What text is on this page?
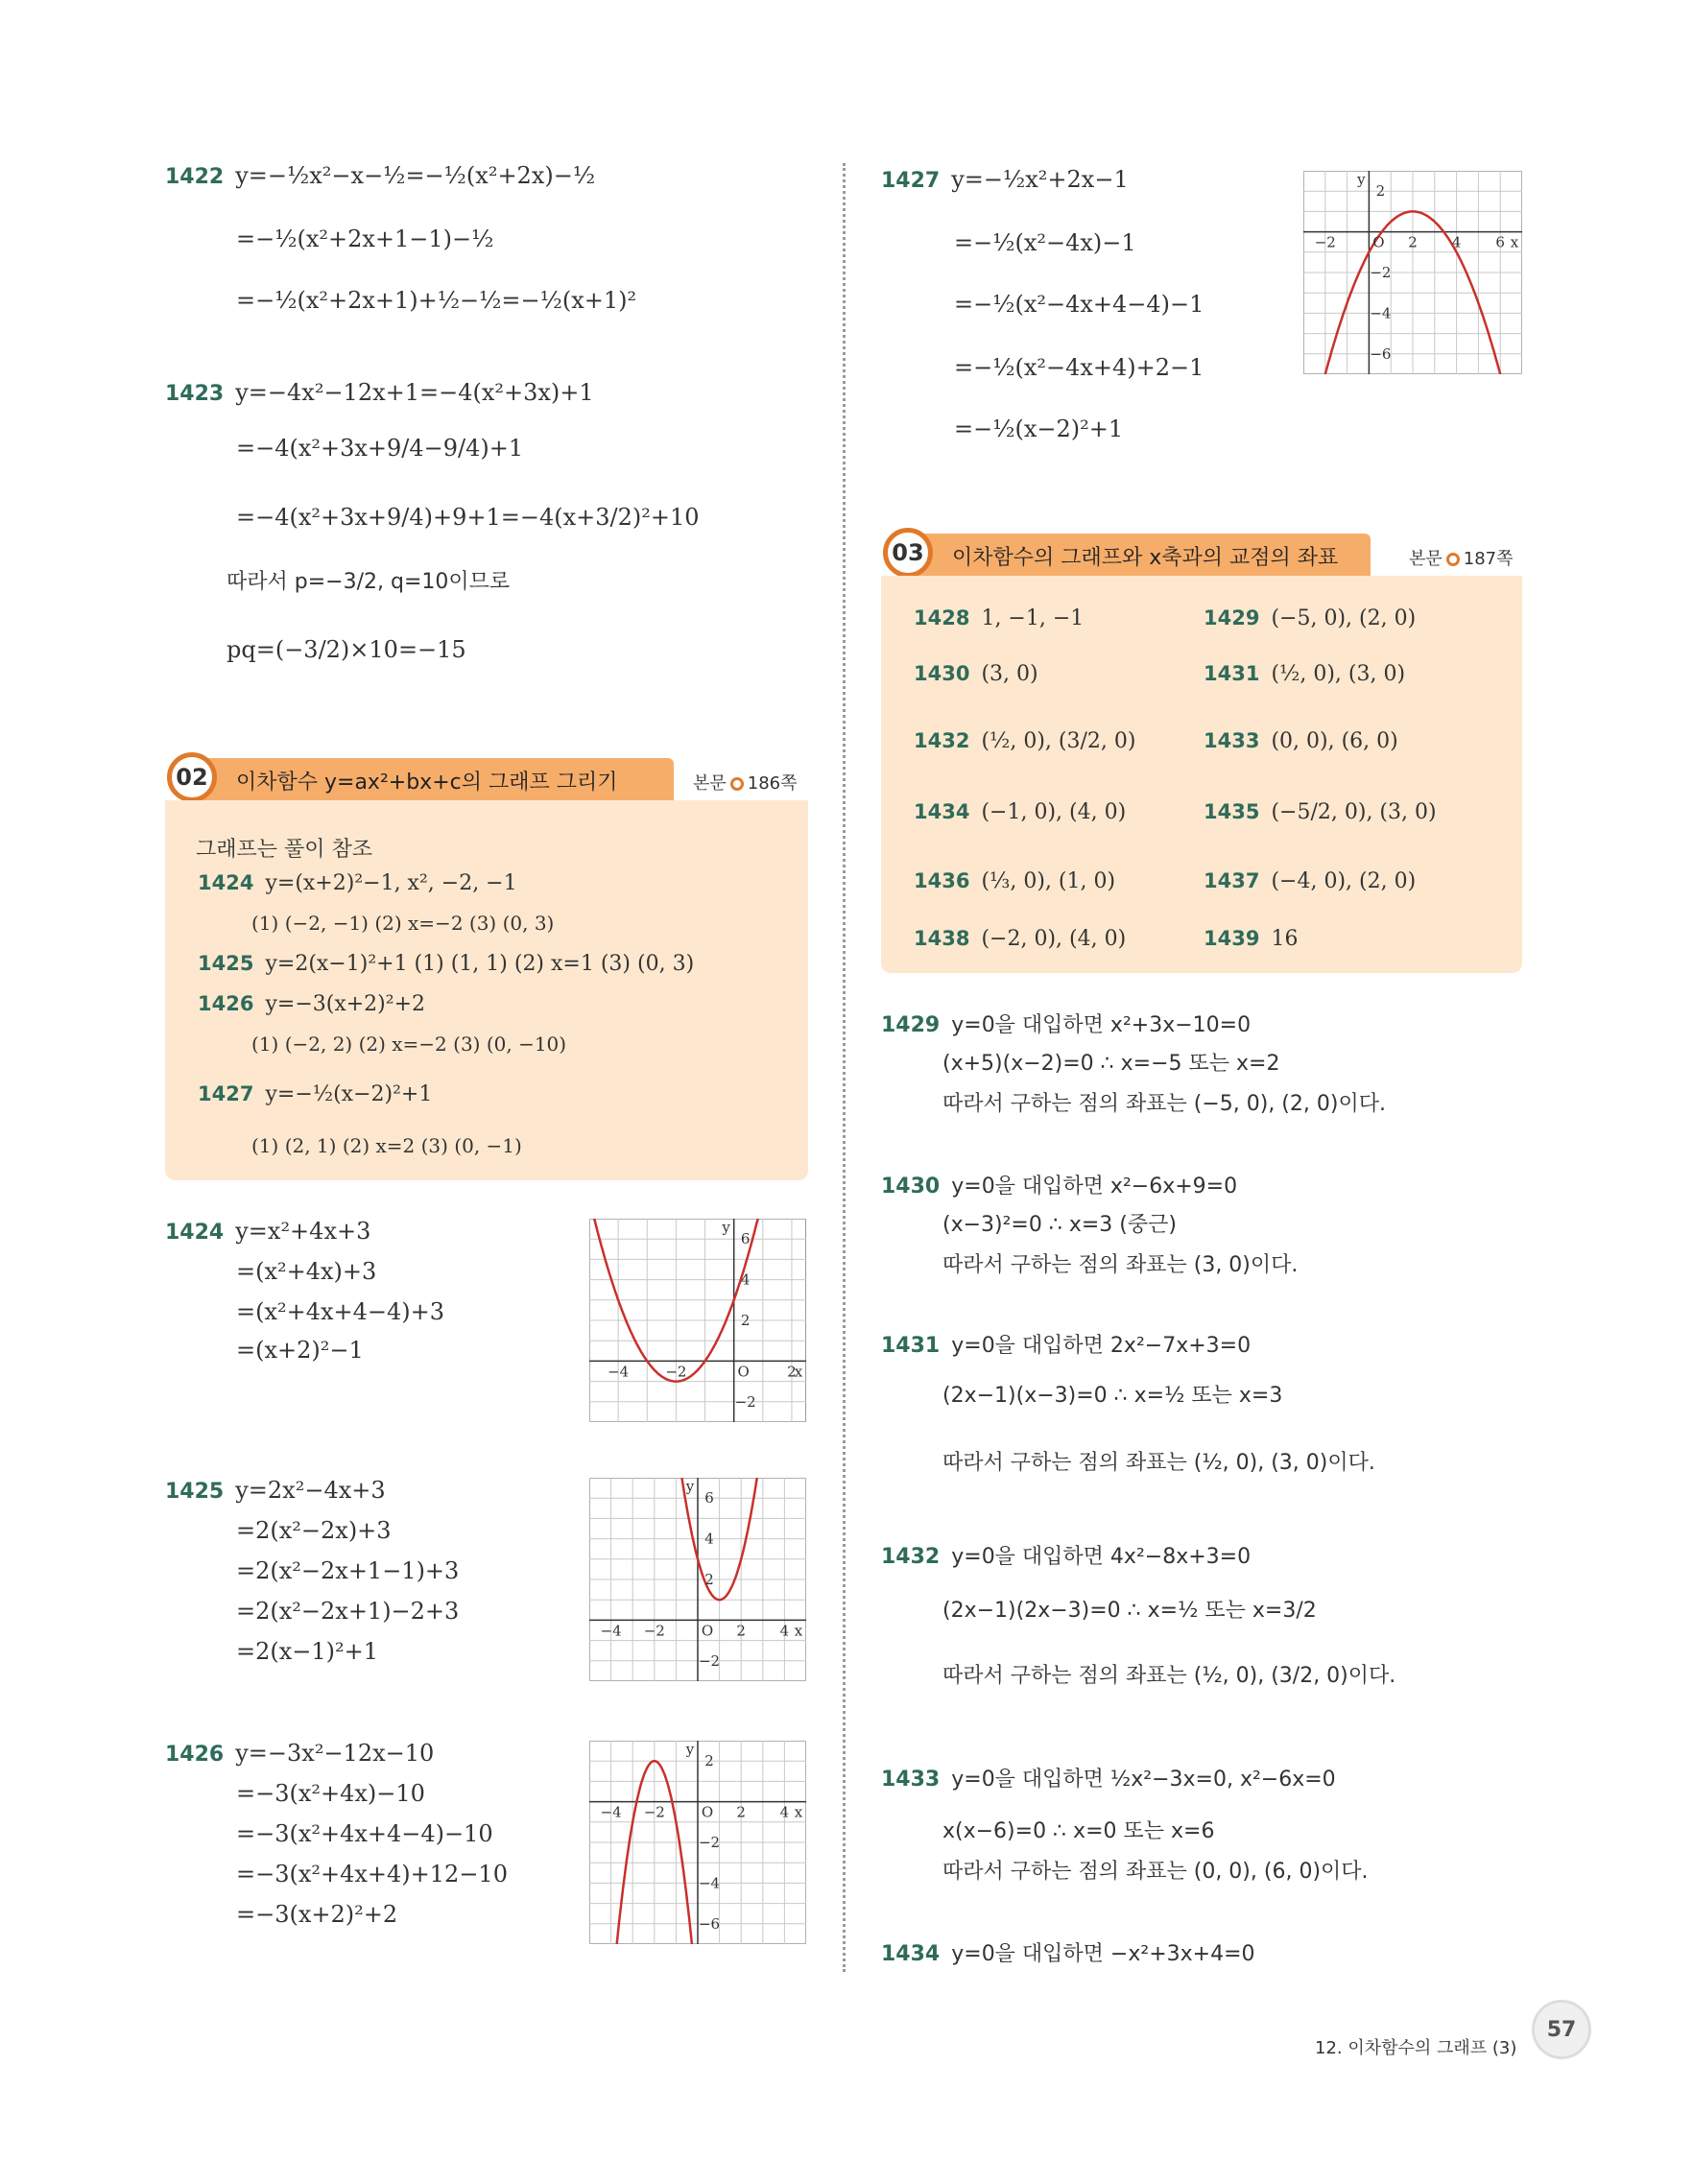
1422 y=−½x²−x−½=−½(x²+2x)−½
=−½(x²+2x+1−1)−½
=−½(x²+2x+1)+½−½=−½(x+1)²
1423 y=−4x²−12x+1=−4(x²+3x)+1
=−4(x²+3x+9/4−9/4)+1
=−4(x²+3x+9/4)+9+1=−4(x+3/2)²+10
따라서 p=−3/2, q=10이므로
pq=(−3/2)×10=−15
02	이차함수 y=ax²+bx+c의 그래프 그리기	본문 186쪽
그래프는 풀이 참조
1424 y=(x+2)²−1, x², −2, −1
(1) (−2, −1) (2) x=−2 (3) (0, 3)
1425 y=2(x−1)²+1 (1) (1, 1) (2) x=1 (3) (0, 3)
1426 y=−3(x+2)²+2
(1) (−2, 2) (2) x=−2 (3) (0, −10)
1427 y=−½(x−2)²+1
(1) (2, 1) (2) x=2 (3) (0, −1)
1424 y=x²+4x+3
=(x²+4x)+3
=(x²+4x+4−4)+3
=(x+2)²−1
−4	−2	2
6
4
2
−2
O	x
y
1425 y=2x²−4x+3
=2(x²−2x)+3
=2(x²−2x+1−1)+3
=2(x²−2x+1)−2+3
=2(x−1)²+1
−4 −2	2 4
6
4
2
−2
O	x
y
1426 y=−3x²−12x−10
=−3(x²+4x)−10
=−3(x²+4x+4−4)−10
=−3(x²+4x+4)+12−10
=−3(x+2)²+2
−4 −2	2 4
2
−2
−4
−6
O	x
y
1427 y=−½x²+2x−1
=−½(x²−4x)−1
=−½(x²−4x+4−4)−1
=−½(x²−4x+4)+2−1
=−½(x−2)²+1
−2	2 4 6
2
−2
−4
−6
O	x
y
03	이차함수의 그래프와 x축과의 교점의 좌표	본문 187쪽
1428 1, −1, −1	1429 (−5, 0), (2, 0)
1430 (3, 0)	1431 (½, 0), (3, 0)
1432 (½, 0), (3/2, 0)	1433 (0, 0), (6, 0)
1434 (−1, 0), (4, 0)	1435 (−5/2, 0), (3, 0)
1436 (⅓, 0), (1, 0)	1437 (−4, 0), (2, 0)
1438 (−2, 0), (4, 0)	1439 16
1429 y=0을 대입하면 x²+3x−10=0
(x+5)(x−2)=0 ∴ x=−5 또는 x=2
따라서 구하는 점의 좌표는 (−5, 0), (2, 0)이다.
1430 y=0을 대입하면 x²−6x+9=0
(x−3)²=0 ∴ x=3 (중근)
따라서 구하는 점의 좌표는 (3, 0)이다.
1431 y=0을 대입하면 2x²−7x+3=0
(2x−1)(x−3)=0 ∴ x=½ 또는 x=3
따라서 구하는 점의 좌표는 (½, 0), (3, 0)이다.
1432 y=0을 대입하면 4x²−8x+3=0
(2x−1)(2x−3)=0 ∴ x=½ 또는 x=3/2
따라서 구하는 점의 좌표는 (½, 0), (3/2, 0)이다.
1433 y=0을 대입하면 ½x²−3x=0, x²−6x=0
x(x−6)=0 ∴ x=0 또는 x=6
따라서 구하는 점의 좌표는 (0, 0), (6, 0)이다.
1434 y=0을 대입하면 −x²+3x+4=0
12. 이차함수의 그래프 (3)
57
